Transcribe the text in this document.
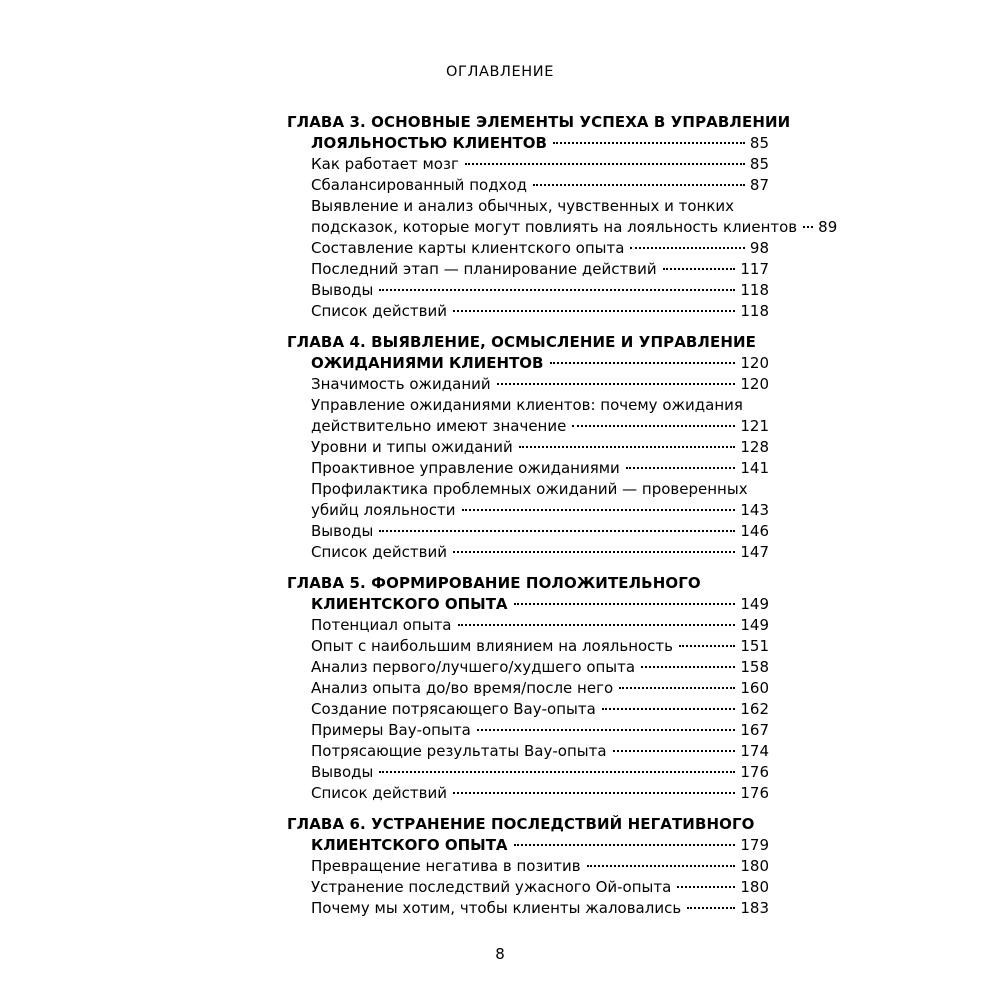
ОГЛАВЛЕНИЕ
ГЛАВА 3. ОСНОВНЫЕ ЭЛЕМЕНТЫ УСПЕХА В УПРАВЛЕНИИ
ЛОЯЛЬНОСТЬЮ КЛИЕНТОВ	85
Как работает мозг	85
Сбалансированный подход	87
Выявление и анализ обычных, чувственных и тонких
подсказок, которые могут повлиять на лояльность клиентов 89
Составление карты клиентского опыта	98
Последний этап — планирование действий	117
Выводы	118
Список действий	118
ГЛАВА 4. ВЫЯВЛЕНИЕ, ОСМЫСЛЕНИЕ И УПРАВЛЕНИЕ
ОЖИДАНИЯМИ КЛИЕНТОВ	120
Значимость ожиданий	120
Управление ожиданиями клиентов: почему ожидания
действительно имеют значение	121
Уровни и типы ожиданий	128
Проактивное управление ожиданиями	141
Профилактика проблемных ожиданий — проверенных
убийц лояльности	143
Выводы	146
Список действий	147
ГЛАВА 5. ФОРМИРОВАНИЕ ПОЛОЖИТЕЛЬНОГО
КЛИЕНТСКОГО ОПЫТА	149
Потенциал опыта	149
Опыт с наибольшим влиянием на лояльность	151
Анализ первого/лучшего/худшего опыта	158
Анализ опыта до/во время/после него	160
Создание потрясающего Вау-опыта	162
Примеры Вау-опыта	167
Потрясающие результаты Вау-опыта	174
Выводы	176
Список действий	176
ГЛАВА 6. УСТРАНЕНИЕ ПОСЛЕДСТВИЙ НЕГАТИВНОГО
КЛИЕНТСКОГО ОПЫТА	179
Превращение негатива в позитив	180
Устранение последствий ужасного Ой-опыта	180
Почему мы хотим, чтобы клиенты жаловались	183
8
